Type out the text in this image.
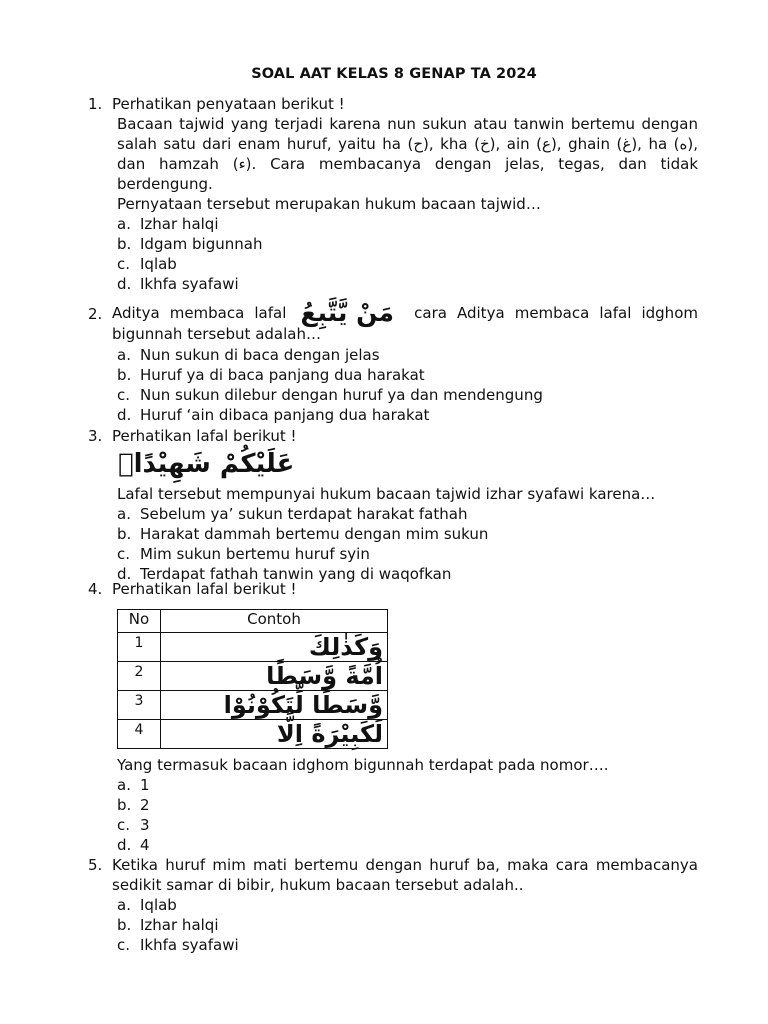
SOAL AAT KELAS 8 GENAP TA 2024
1. Perhatikan penyataan berikut !
Bacaan tajwid yang terjadi karena nun sukun atau tanwin bertemu dengan salah satu dari enam huruf, yaitu ha (ح), kha (خ), ain (ع), ghain (غ), ha (ه), dan hamzah (ء). Cara membacanya dengan jelas, tegas, dan tidak berdengung.
Pernyataan tersebut merupakan hukum bacaan tajwid…
a. Izhar halqi
b. Idgam bigunnah
c. Iqlab
d. Ikhfa syafawi
2. Aditya membaca lafal مَنْ يَّتَّبِعُ cara Aditya membaca lafal idghom bigunnah tersebut adalah…
a. Nun sukun di baca dengan jelas
b. Huruf ya di baca panjang dua harakat
c. Nun sukun dilebur dengan huruf ya dan mendengung
d. Huruf ‘ain dibaca panjang dua harakat
3. Perhatikan lafal berikut !
عَلَيْكُمْ شَهِيْدًاۗ
Lafal tersebut mempunyai hukum bacaan tajwid izhar syafawi karena…
a. Sebelum ya’ sukun terdapat harakat fathah
b. Harakat dammah bertemu dengan mim sukun
c. Mim sukun bertemu huruf syin
d. Terdapat fathah tanwin yang di waqofkan
4. Perhatikan lafal berikut !
No	Contoh
1	وَكَذٰلِكَ
2	اُمَّةً وَّسَطًا
3	وَّسَطًا لِّتَكُوْنُوْا
4	لَكَبِيْرَةً اِلَّا
Yang termasuk bacaan idghom bigunnah terdapat pada nomor….
a. 1
b. 2
c. 3
d. 4
5. Ketika huruf mim mati bertemu dengan huruf ba, maka cara membacanya sedikit samar di bibir, hukum bacaan tersebut adalah..
a. Iqlab
b. Izhar halqi
c. Ikhfa syafawi
